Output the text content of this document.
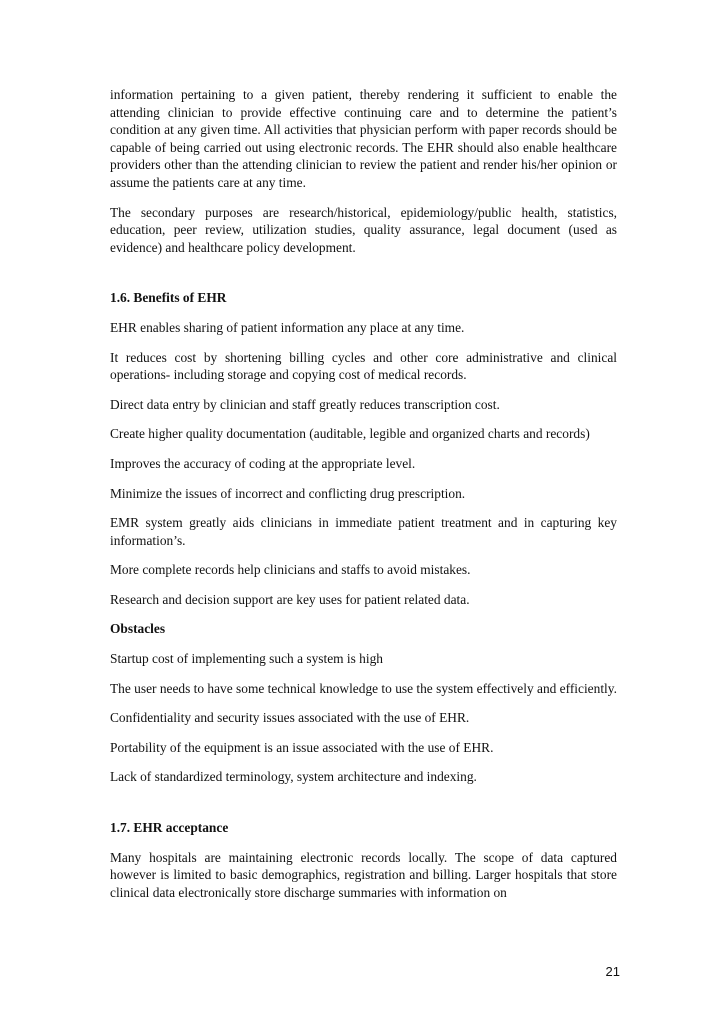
information pertaining to a given patient, thereby rendering it sufficient to enable the attending clinician to provide effective continuing care and to determine the patient’s condition at any given time. All activities that physician perform with paper records should be capable of being carried out using electronic records. The EHR should also enable healthcare providers other than the attending clinician to review the patient and render his/her opinion or assume the patients care at any time.

The secondary purposes are research/historical, epidemiology/public health, statistics, education, peer review, utilization studies, quality assurance, legal document (used as evidence) and healthcare policy development.

1.6. Benefits of EHR

EHR enables sharing of patient information any place at any time.

It reduces cost by shortening billing cycles and other core administrative and clinical operations- including storage and copying cost of medical records.

Direct data entry by clinician and staff greatly reduces transcription cost.

Create higher quality documentation (auditable, legible and organized charts and records)

Improves the accuracy of coding at the appropriate level.

Minimize the issues of incorrect and conflicting drug prescription.

EMR system greatly aids clinicians in immediate patient treatment and in capturing key information’s.

More complete records help clinicians and staffs to avoid mistakes.

Research and decision support are key uses for patient related data.

Obstacles

Startup cost of implementing such a system is high

The user needs to have some technical knowledge to use the system effectively and efficiently.

Confidentiality and security issues associated with the use of EHR.

Portability of the equipment is an issue associated with the use of EHR.

Lack of standardized terminology, system architecture and indexing.

1.7. EHR acceptance

Many hospitals are maintaining electronic records locally. The scope of data captured however is limited to basic demographics, registration and billing. Larger hospitals that store clinical data electronically store discharge summaries with information on

21
